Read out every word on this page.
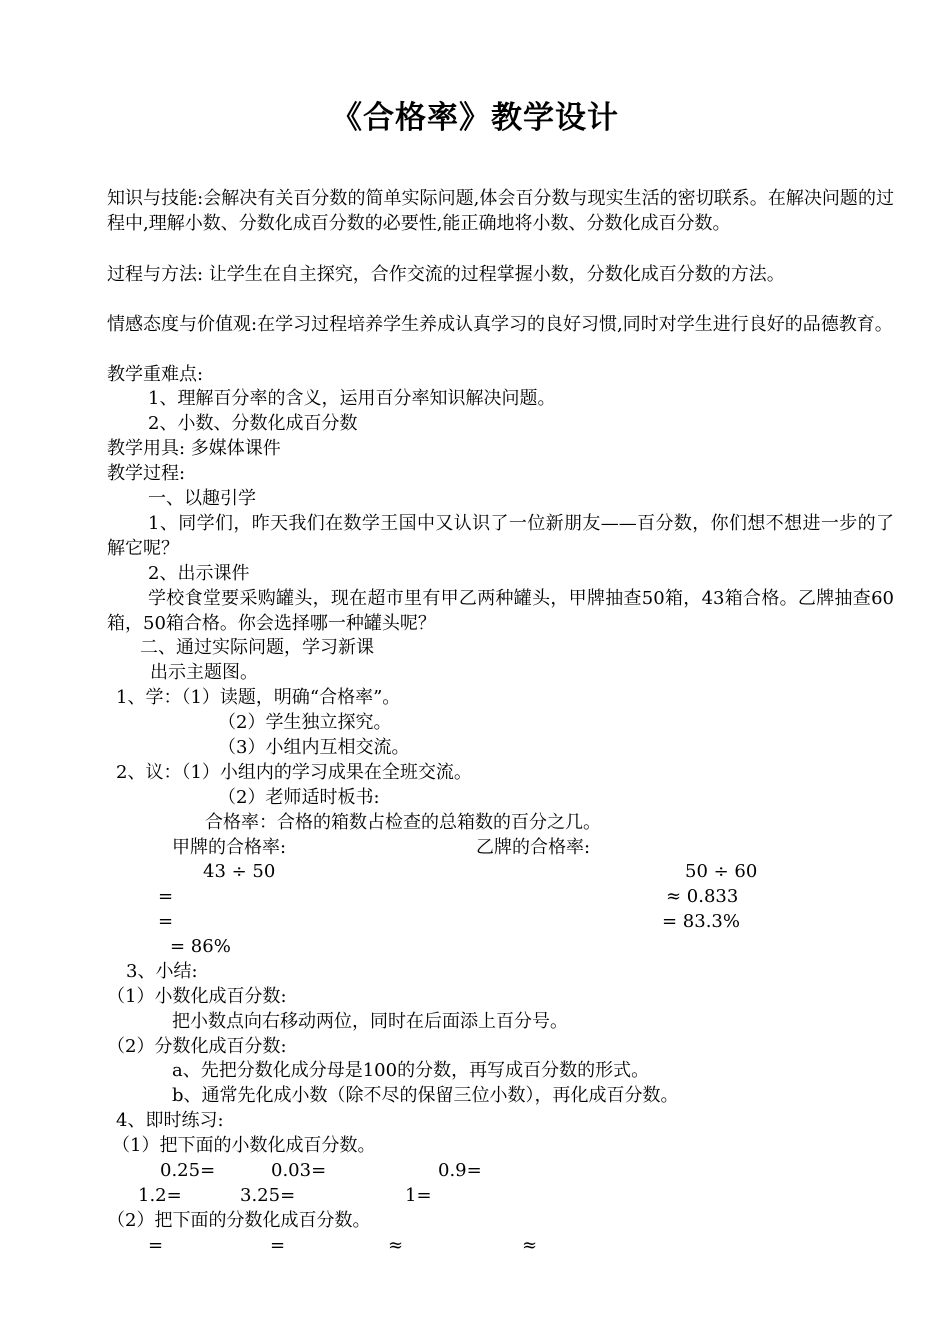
《合格率》教学设计
知识与技能:会解决有关百分数的简单实际问题,体会百分数与现实生活的密切联系。在解决问题的过程中,理解小数、分数化成百分数的必要性,能正确地将小数、分数化成百分数。
过程与方法: 让学生在自主探究，合作交流的过程掌握小数，分数化成百分数的方法。
情感态度与价值观:在学习过程培养学生养成认真学习的良好习惯,同时对学生进行良好的品德教育。
教学重难点:
1、理解百分率的含义，运用百分率知识解决问题。
2、小数、分数化成百分数
教学用具: 多媒体课件
教学过程:
一、以趣引学
1、同学们，昨天我们在数学王国中又认识了一位新朋友——百分数，你们想不想进一步的了解它呢？
2、出示课件
学校食堂要采购罐头，现在超市里有甲乙两种罐头，甲牌抽查50箱，43箱合格。乙牌抽查60箱，50箱合格。你会选择哪一种罐头呢？
二、通过实际问题，学习新课
出示主题图。
1、学：（1）读题，明确“合格率”。
（2）学生独立探究。
（3）小组内互相交流。
2、议：（1）小组内的学习成果在全班交流。
（2）老师适时板书:
合格率：合格的箱数占检查的总箱数的百分之几。
甲牌的合格率:	乙牌的合格率:
43 ÷ 50	50 ÷ 60
=	≈ 0.833
=	= 83.3%
= 86%
3、小结:
（1）小数化成百分数:
把小数点向右移动两位，同时在后面添上百分号。
（2）分数化成百分数:
a、先把分数化成分母是100的分数，再写成百分数的形式。
b、通常先化成小数（除不尽的保留三位小数），再化成百分数。
4、即时练习:
（1）把下面的小数化成百分数。
0.25=	0.03=	0.9=
1.2=	3.25=	1=
（2）把下面的分数化成百分数。
=	=	≈	≈
